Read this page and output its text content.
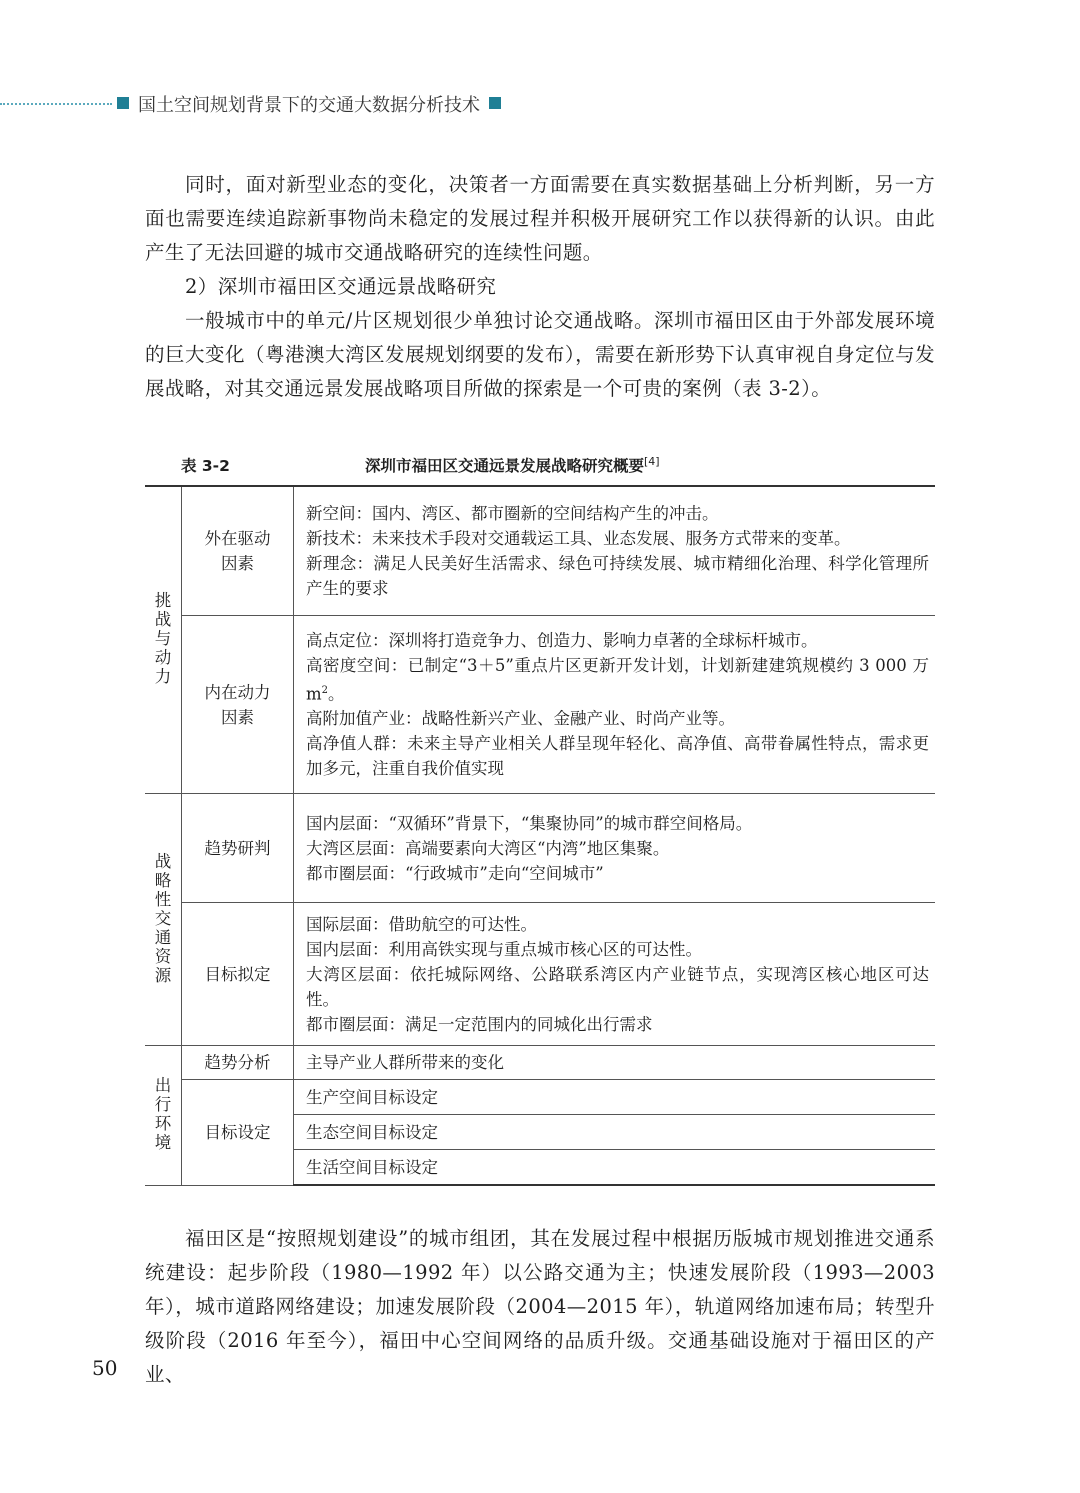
国土空间规划背景下的交通大数据分析技术
同时，面对新型业态的变化，决策者一方面需要在真实数据基础上分析判断，另一方面也需要连续追踪新事物尚未稳定的发展过程并积极开展研究工作以获得新的认识。由此产生了无法回避的城市交通战略研究的连续性问题。
2）深圳市福田区交通远景战略研究
一般城市中的单元/片区规划很少单独讨论交通战略。深圳市福田区由于外部发展环境的巨大变化（粤港澳大湾区发展规划纲要的发布），需要在新形势下认真审视自身定位与发展战略，对其交通远景发展战略项目所做的探索是一个可贵的案例（表 3-2）。
表 3-2	深圳市福田区交通远景发展战略研究概要[4]
挑战与动力	外在驱动因素	新空间：国内、湾区、都市圈新的空间结构产生的冲击。
新技术：未来技术手段对交通载运工具、业态发展、服务方式带来的变革。
新理念：满足人民美好生活需求、绿色可持续发展、城市精细化治理、科学化管理所产生的要求

	内在动力因素	高点定位：深圳将打造竞争力、创造力、影响力卓著的全球标杆城市。
高密度空间：已制定“3＋5”重点片区更新开发计划，计划新建建筑规模约 3 000 万 $m^2$。
高附加值产业：战略性新兴产业、金融产业、时尚产业等。
高净值人群：未来主导产业相关人群呈现年轻化、高净值、高带眷属性特点，需求更加多元，注重自我价值实现

战略性交通资源	趋势研判	国内层面：“双循环”背景下，“集聚协同”的城市群空间格局。
大湾区层面：高端要素向大湾区“内湾”地区集聚。
都市圈层面：“行政城市”走向“空间城市”

	目标拟定	国际层面：借助航空的可达性。
国内层面：利用高铁实现与重点城市核心区的可达性。
大湾区层面：依托城际网络、公路联系湾区内产业链节点，实现湾区核心地区可达性。
都市圈层面：满足一定范围内的同城化出行需求

出行环境	趋势分析	主导产业人群所带来的变化

	目标设定	生产空间目标设定

		生态空间目标设定

		生活空间目标设定
福田区是“按照规划建设”的城市组团，其在发展过程中根据历版城市规划推进交通系统建设：起步阶段（1980—1992 年）以公路交通为主；快速发展阶段（1993—2003 年），城市道路网络建设；加速发展阶段（2004—2015 年），轨道网络加速布局；转型升级阶段（2016 年至今），福田中心空间网络的品质升级。交通基础设施对于福田区的产业、
50
